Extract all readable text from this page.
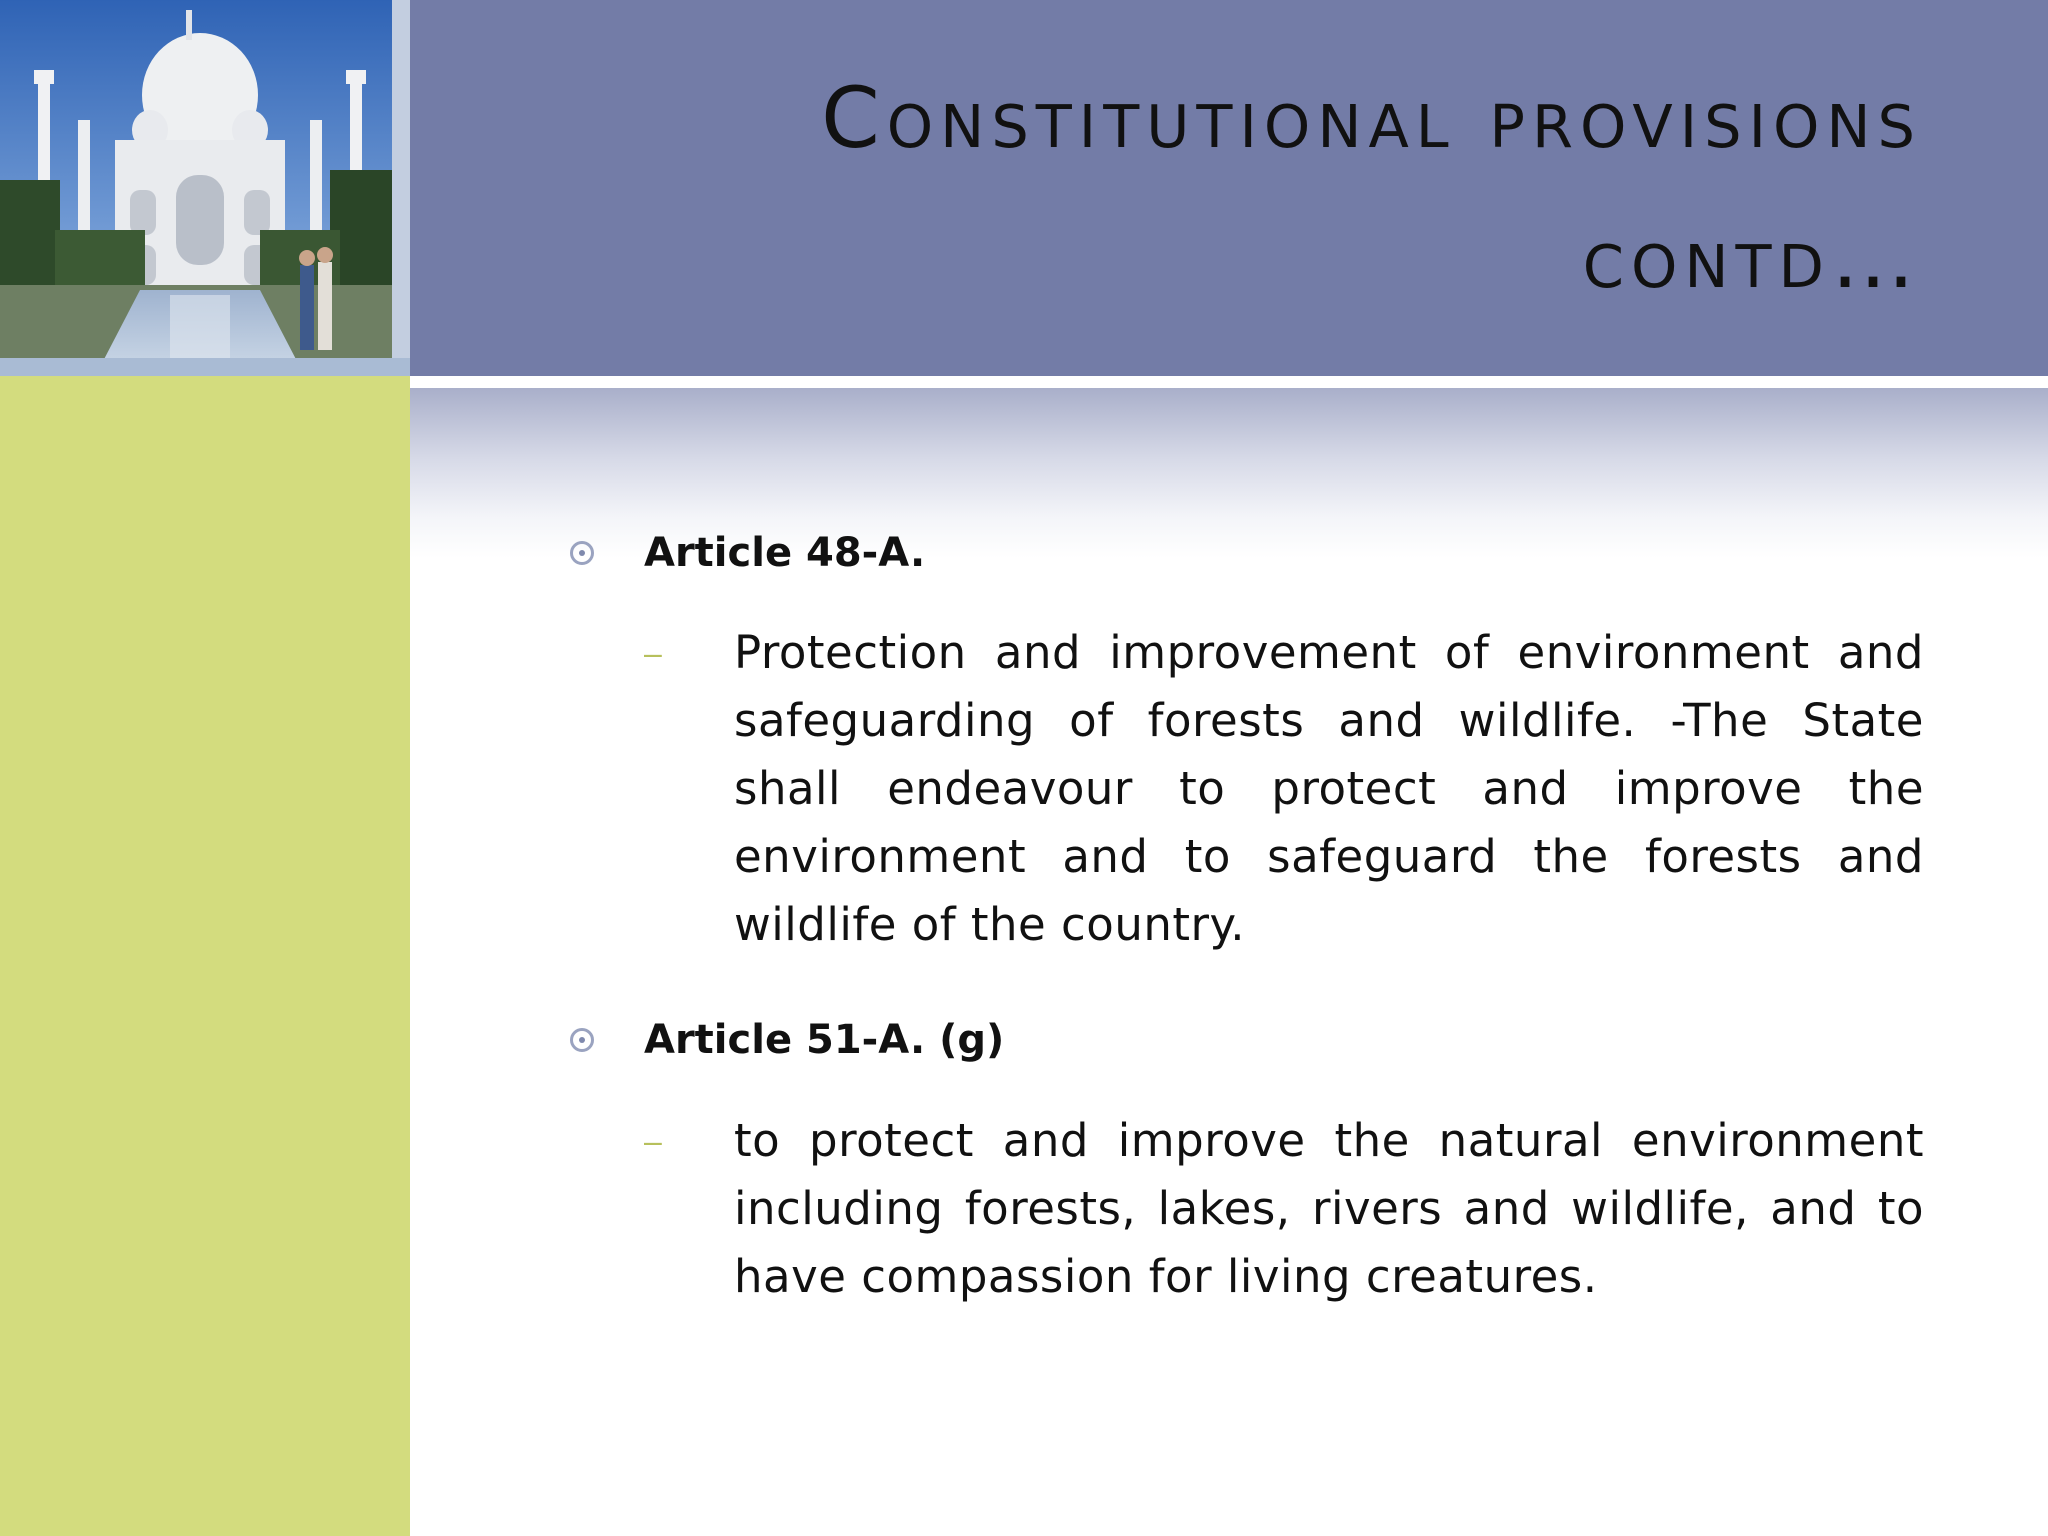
Constitutional provisions
contd…

Article 48-A.

– Protection and improvement of environment and safeguarding of forests and wildlife. -The State shall endeavour to protect and improve the environment and to safeguard the forests and wildlife of the country.

Article 51-A. (g)

– to protect and improve the natural environment including forests, lakes, rivers and wildlife, and to have compassion for living creatures.
